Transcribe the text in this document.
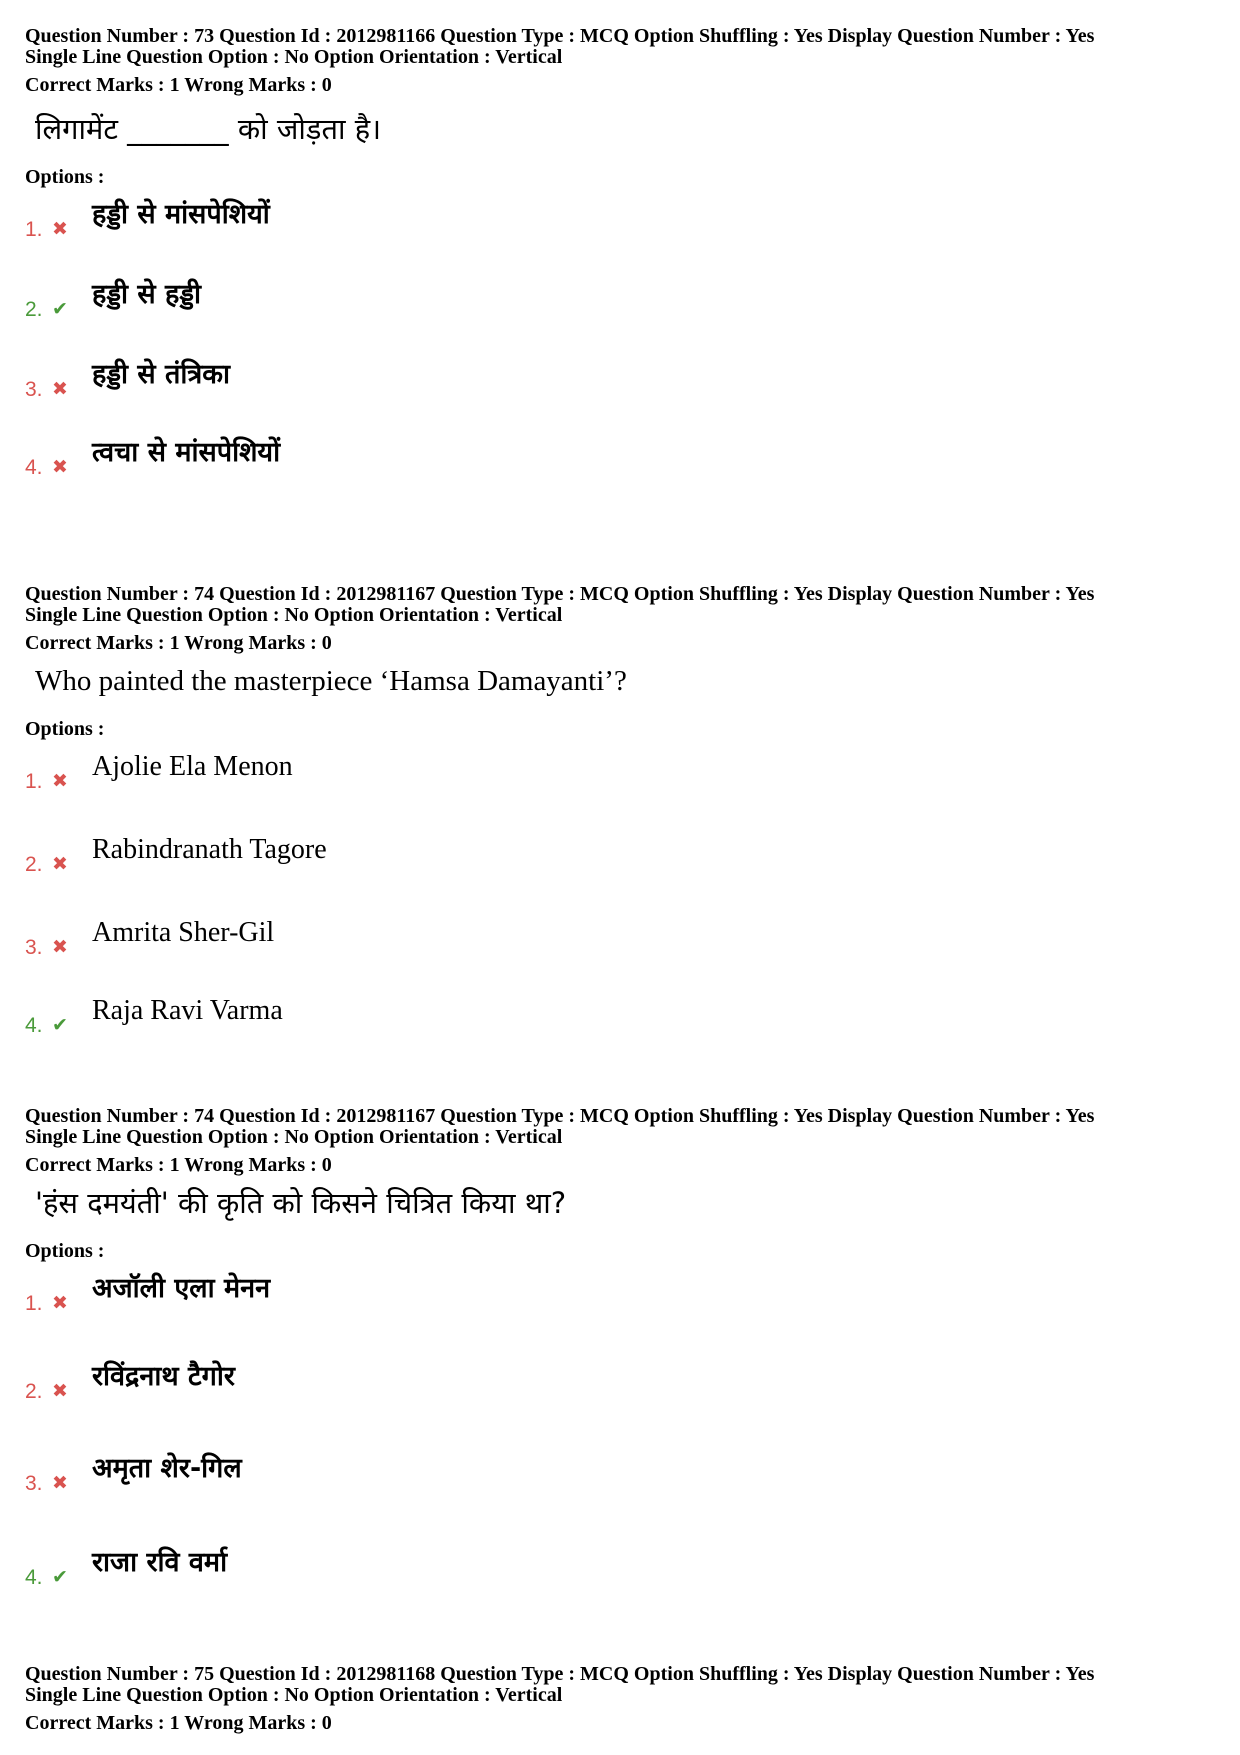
Question Number : 73 Question Id : 2012981166 Question Type : MCQ Option Shuffling : Yes Display Question Number : Yes
Single Line Question Option : No Option Orientation : Vertical
Correct Marks : 1 Wrong Marks : 0
लिगामेंट _______ को जोड़ता है।
Options :
1. ✖ हड्डी से मांसपेशियों
2. ✔ हड्डी से हड्डी
3. ✖ हड्डी से तंत्रिका
4. ✖ त्वचा से मांसपेशियों
Question Number : 74 Question Id : 2012981167 Question Type : MCQ Option Shuffling : Yes Display Question Number : Yes
Single Line Question Option : No Option Orientation : Vertical
Correct Marks : 1 Wrong Marks : 0
Who painted the masterpiece ‘Hamsa Damayanti’?
Options :
1. ✖ Ajolie Ela Menon
2. ✖ Rabindranath Tagore
3. ✖ Amrita Sher-Gil
4. ✔ Raja Ravi Varma
Question Number : 74 Question Id : 2012981167 Question Type : MCQ Option Shuffling : Yes Display Question Number : Yes
Single Line Question Option : No Option Orientation : Vertical
Correct Marks : 1 Wrong Marks : 0
'हंस दमयंती' की कृति को किसने चित्रित किया था?
Options :
1. ✖ अजॉली एला मेनन
2. ✖ रविंद्रनाथ टैगोर
3. ✖ अमृता शेर-गिल
4. ✔ राजा रवि वर्मा
Question Number : 75 Question Id : 2012981168 Question Type : MCQ Option Shuffling : Yes Display Question Number : Yes
Single Line Question Option : No Option Orientation : Vertical
Correct Marks : 1 Wrong Marks : 0
